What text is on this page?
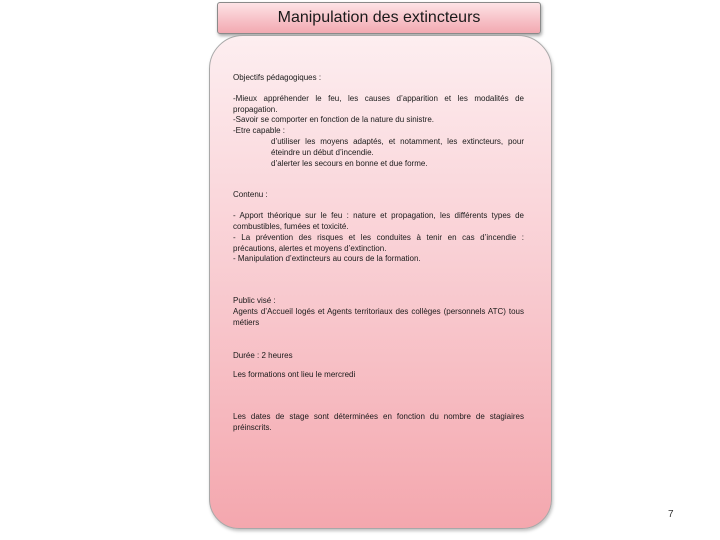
Manipulation des extincteurs

Objectifs pédagogiques :

-Mieux appréhender le feu, les causes d’apparition et les modalités de propagation.

-Savoir se comporter en fonction de la nature du sinistre.

-Etre capable :

d’utiliser les moyens adaptés, et notamment, les extincteurs, pour éteindre un début d’incendie.

d’alerter les secours en bonne et due forme.

Contenu :

- Apport théorique sur le feu : nature et propagation, les différents types de combustibles, fumées et toxicité.

- La prévention des risques et les conduites à tenir en cas d’incendie : précautions, alertes et moyens d’extinction.

- Manipulation d’extincteurs au cours de la formation.

Public visé :

Agents d’Accueil logés et Agents territoriaux des collèges (personnels ATC) tous métiers

Durée : 2 heures

Les formations ont lieu le mercredi

Les dates de stage sont déterminées en fonction du nombre de stagiaires préinscrits.

7
